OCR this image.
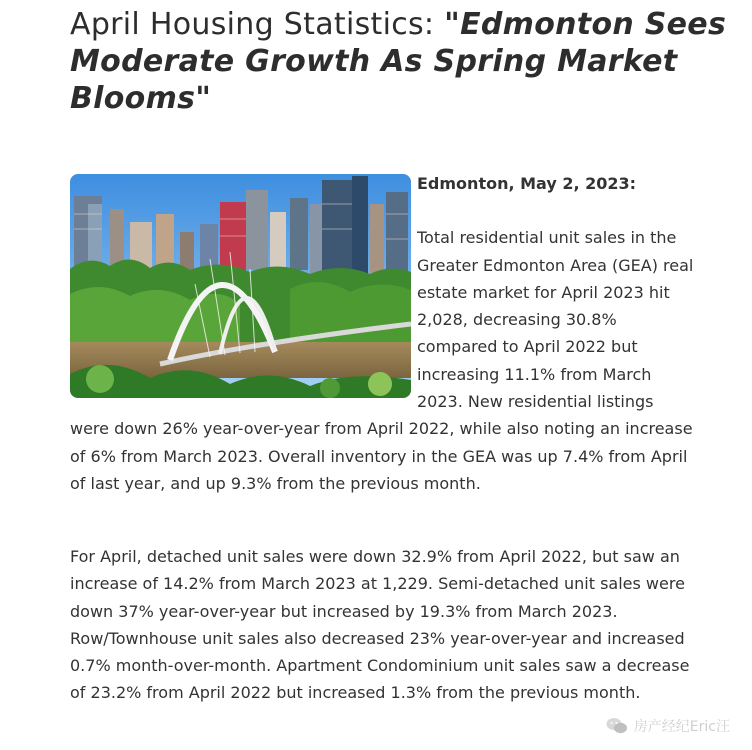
April Housing Statistics: "Edmonton Sees Moderate Growth As Spring Market Blooms"
Edmonton, May 2, 2023:
Total residential unit sales in the Greater Edmonton Area (GEA) real estate market for April 2023 hit 2,028, decreasing 30.8% compared to April 2022 but increasing 11.1% from March 2023. New residential listings were down 26% year-over-year from April 2022, while also noting an increase of 6% from March 2023. Overall inventory in the GEA was up 7.4% from April of last year, and up 9.3% from the previous month.

For April, detached unit sales were down 32.9% from April 2022, but saw an increase of 14.2% from March 2023 at 1,229. Semi-detached unit sales were down 37% year-over-year but increased by 19.3% from March 2023. Row/Townhouse unit sales also decreased 23% year-over-year and increased 0.7% month-over-month. Apartment Condominium unit sales saw a decrease of 23.2% from April 2022 but increased 1.3% from the previous month.

房产经纪Eric汪
